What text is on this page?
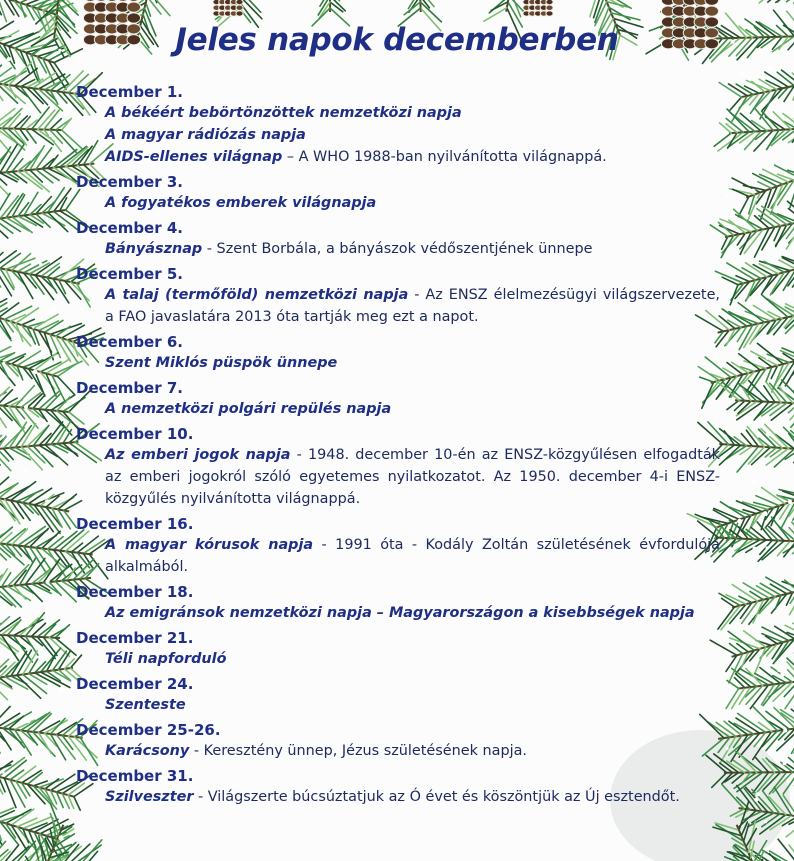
Jeles napok decemberben
December 1.
A békéért bebörtönzöttek nemzetközi napja
A magyar rádiózás napja
AIDS-ellenes világnap – A WHO 1988-ban nyilvánította világnappá.
December 3.
A fogyatékos emberek világnapja
December 4.
Bányásznap - Szent Borbála, a bányászok védőszentjének ünnepe
December 5.
A talaj (termőföld) nemzetközi napja - Az ENSZ élelmezésügyi világszervezete, a FAO javaslatára 2013 óta tartják meg ezt a napot.
December 6.
Szent Miklós püspök ünnepe
December 7.
A nemzetközi polgári repülés napja
December 10.
Az emberi jogok napja - 1948. december 10-én az ENSZ-közgyűlésen elfogadták az emberi jogokról szóló egyetemes nyilatkozatot. Az 1950. december 4-i ENSZ-közgyűlés nyilvánította világnappá.
December 16.
A magyar kórusok napja - 1991 óta - Kodály Zoltán születésének évfordulója alkalmából.
December 18.
Az emigránsok nemzetközi napja – Magyarországon a kisebbségek napja
December 21.
Téli napforduló
December 24.
Szenteste
December 25-26.
Karácsony - Keresztény ünnep, Jézus születésének napja.
December 31.
Szilveszter - Világszerte búcsúztatjuk az Ó évet és köszöntjük az Új esztendőt.
